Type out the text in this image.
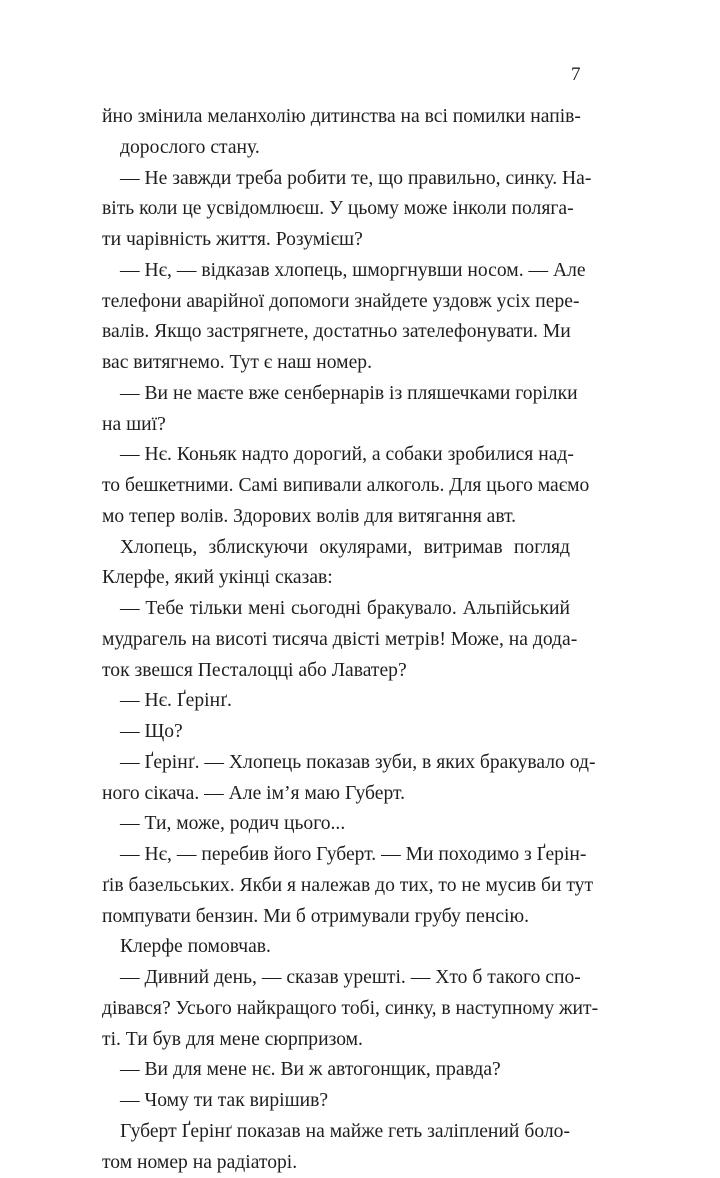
7
йно змінила меланхолію дитинства на всі помилки напів-
дорослого стану.
— Не завжди треба робити те, що правильно, синку. На-
віть коли це усвідомлюєш. У цьому може інколи поляга-
ти чарівність життя. Розумієш?
— Нє, — відказав хлопець, шморгнувши носом. — Але
телефони аварійної допомоги знайдете уздовж усіх пере-
валів. Якщо застрягнете, достатньо зателефонувати. Ми
вас витягнемо. Тут є наш номер.
— Ви не маєте вже сенбернарів із пляшечками горілки
на шиї?
— Нє. Коньяк надто дорогий, а собаки зробилися над-
то бешкетними. Самі випивали алкоголь. Для цього маємо
мо тепер волів. Здорових волів для витягання авт.
Хлопець, зблискуючи окулярами, витримав погляд
Клерфе, який укінці сказав:
— Тебе тільки мені сьогодні бракувало. Альпійський
мудрагель на висоті тисяча двісті метрів! Може, на дода-
ток звешся Песталоцці або Лаватер?
— Нє. Ґерінґ.
— Що?
— Ґерінґ. — Хлопець показав зуби, в яких бракувало од-
ного сікача. — Але ім’я маю Губерт.
— Ти, може, родич цього...
— Нє, — перебив його Губерт. — Ми походимо з Ґерін-
ґів базельських. Якби я належав до тих, то не мусив би тут
помпувати бензин. Ми б отримували грубу пенсію.
Клерфе помовчав.
— Дивний день, — сказав урешті. — Хто б такого спо-
дівався? Усього найкращого тобі, синку, в наступному жит-
ті. Ти був для мене сюрпризом.
— Ви для мене нє. Ви ж автогонщик, правда?
— Чому ти так вирішив?
Губерт Ґерінґ показав на майже геть заліплений боло-
том номер на радіаторі.
